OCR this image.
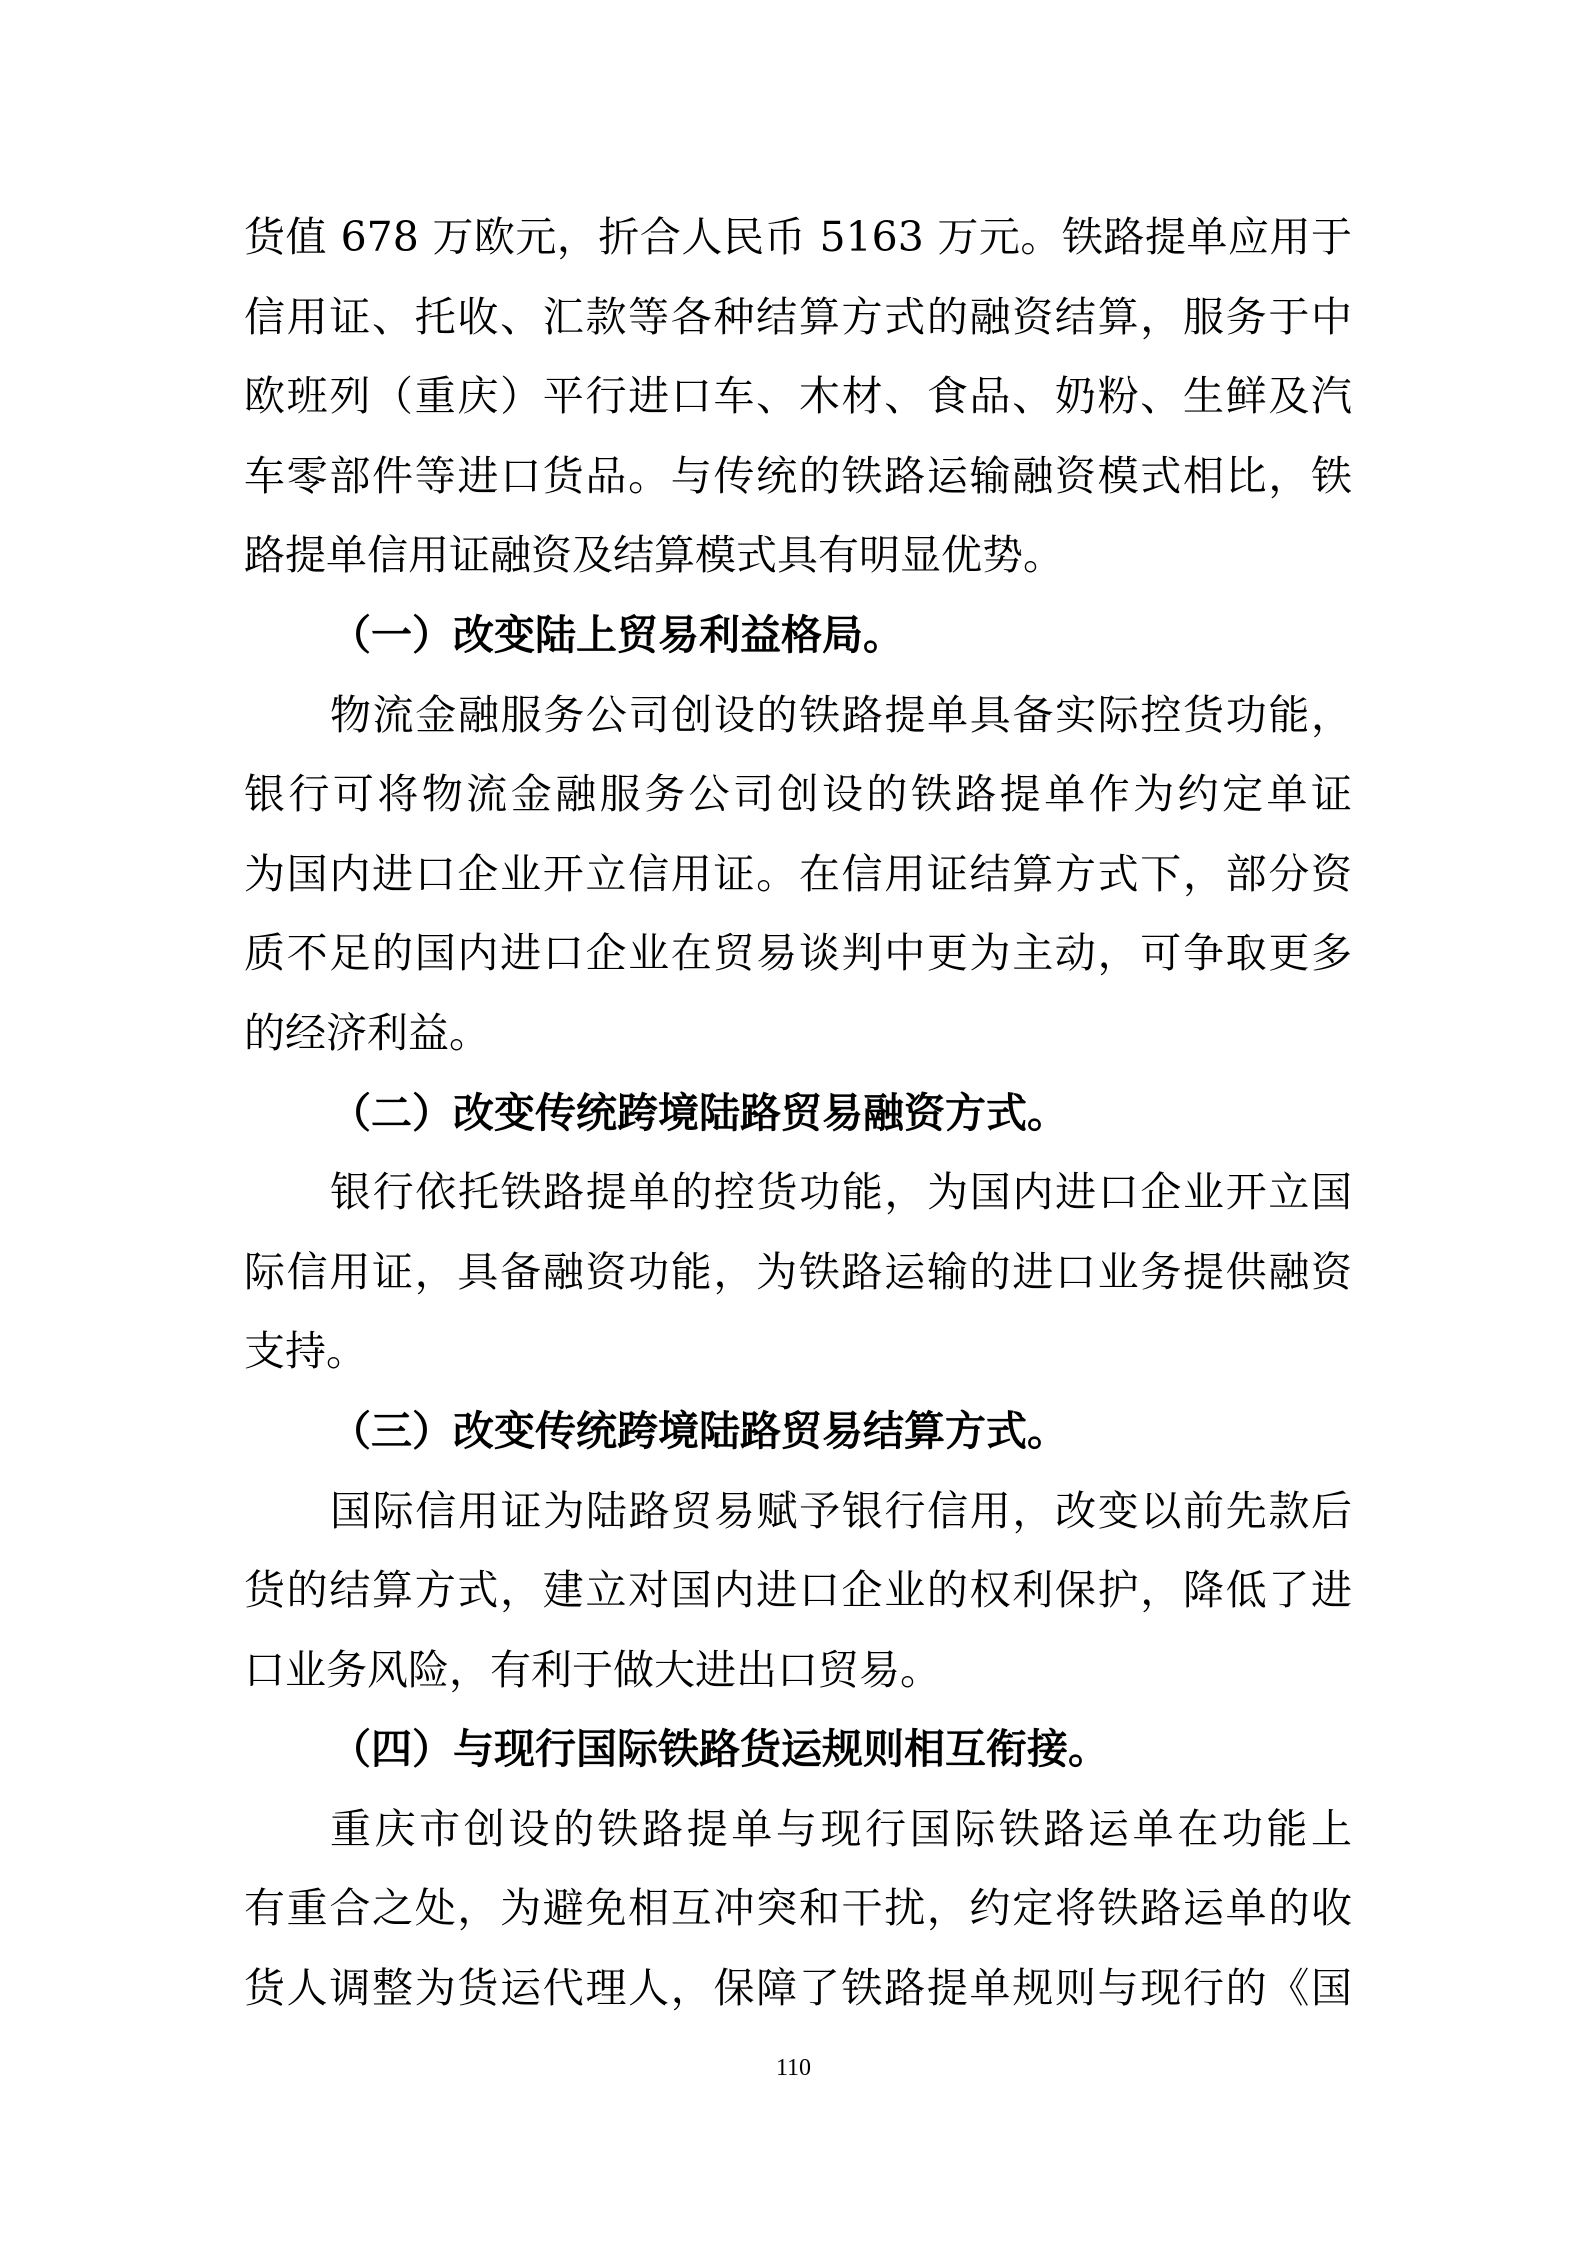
货值 678 万欧元，折合人民币 5163 万元。铁路提单应用于
信用证、托收、汇款等各种结算方式的融资结算，服务于中
欧班列（重庆）平行进口车、木材、食品、奶粉、生鲜及汽
车零部件等进口货品。与传统的铁路运输融资模式相比，铁
路提单信用证融资及结算模式具有明显优势。
（一）改变陆上贸易利益格局。
物流金融服务公司创设的铁路提单具备实际控货功能，
银行可将物流金融服务公司创设的铁路提单作为约定单证
为国内进口企业开立信用证。在信用证结算方式下，部分资
质不足的国内进口企业在贸易谈判中更为主动，可争取更多
的经济利益。
（二）改变传统跨境陆路贸易融资方式。
银行依托铁路提单的控货功能，为国内进口企业开立国
际信用证，具备融资功能，为铁路运输的进口业务提供融资
支持。
（三）改变传统跨境陆路贸易结算方式。
国际信用证为陆路贸易赋予银行信用，改变以前先款后
货的结算方式，建立对国内进口企业的权利保护，降低了进
口业务风险，有利于做大进出口贸易。
（四）与现行国际铁路货运规则相互衔接。
重庆市创设的铁路提单与现行国际铁路运单在功能上
有重合之处，为避免相互冲突和干扰，约定将铁路运单的收
货人调整为货运代理人，保障了铁路提单规则与现行的《国
110
